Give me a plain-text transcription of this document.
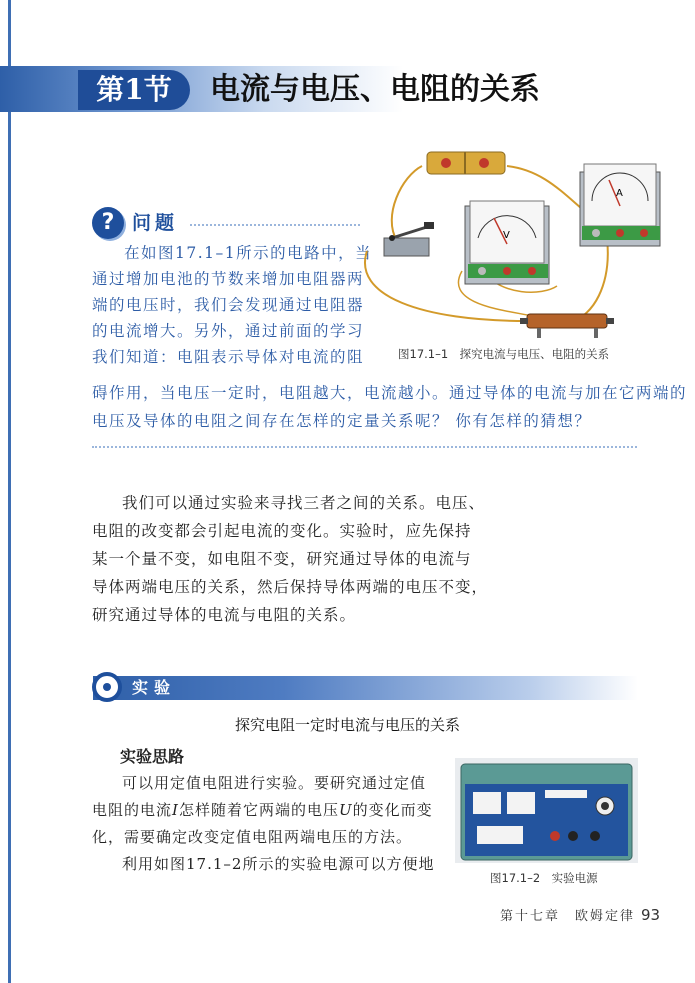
第1节	电流与电压、电阻的关系
? 问题
在如图17.1–1所示的电路中，当
通过增加电池的节数来增加电阻器两
端的电压时，我们会发现通过电阻器
的电流增大。另外，通过前面的学习
我们知道：电阻表示导体对电流的阻
碍作用，当电压一定时，电阻越大，电流越小。通过导体的电流与加在它两端的
电压及导体的电阻之间存在怎样的定量关系呢？ 你有怎样的猜想？
V
A
图17.1–1　探究电流与电压、电阻的关系
我们可以通过实验来寻找三者之间的关系。电压、
电阻的改变都会引起电流的变化。实验时，应先保持
某一个量不变，如电阻不变，研究通过导体的电流与
导体两端电压的关系，然后保持导体两端的电压不变，
研究通过导体的电流与电阻的关系。
实验
探究电阻一定时电流与电压的关系
实验思路
可以用定值电阻进行实验。要研究通过定值
电阻的电流I怎样随着它两端的电压U的变化而变
化，需要确定改变定值电阻两端电压的方法。
利用如图17.1–2所示的实验电源可以方便地
图17.1–2　实验电源
第十七章　欧姆定律 93
